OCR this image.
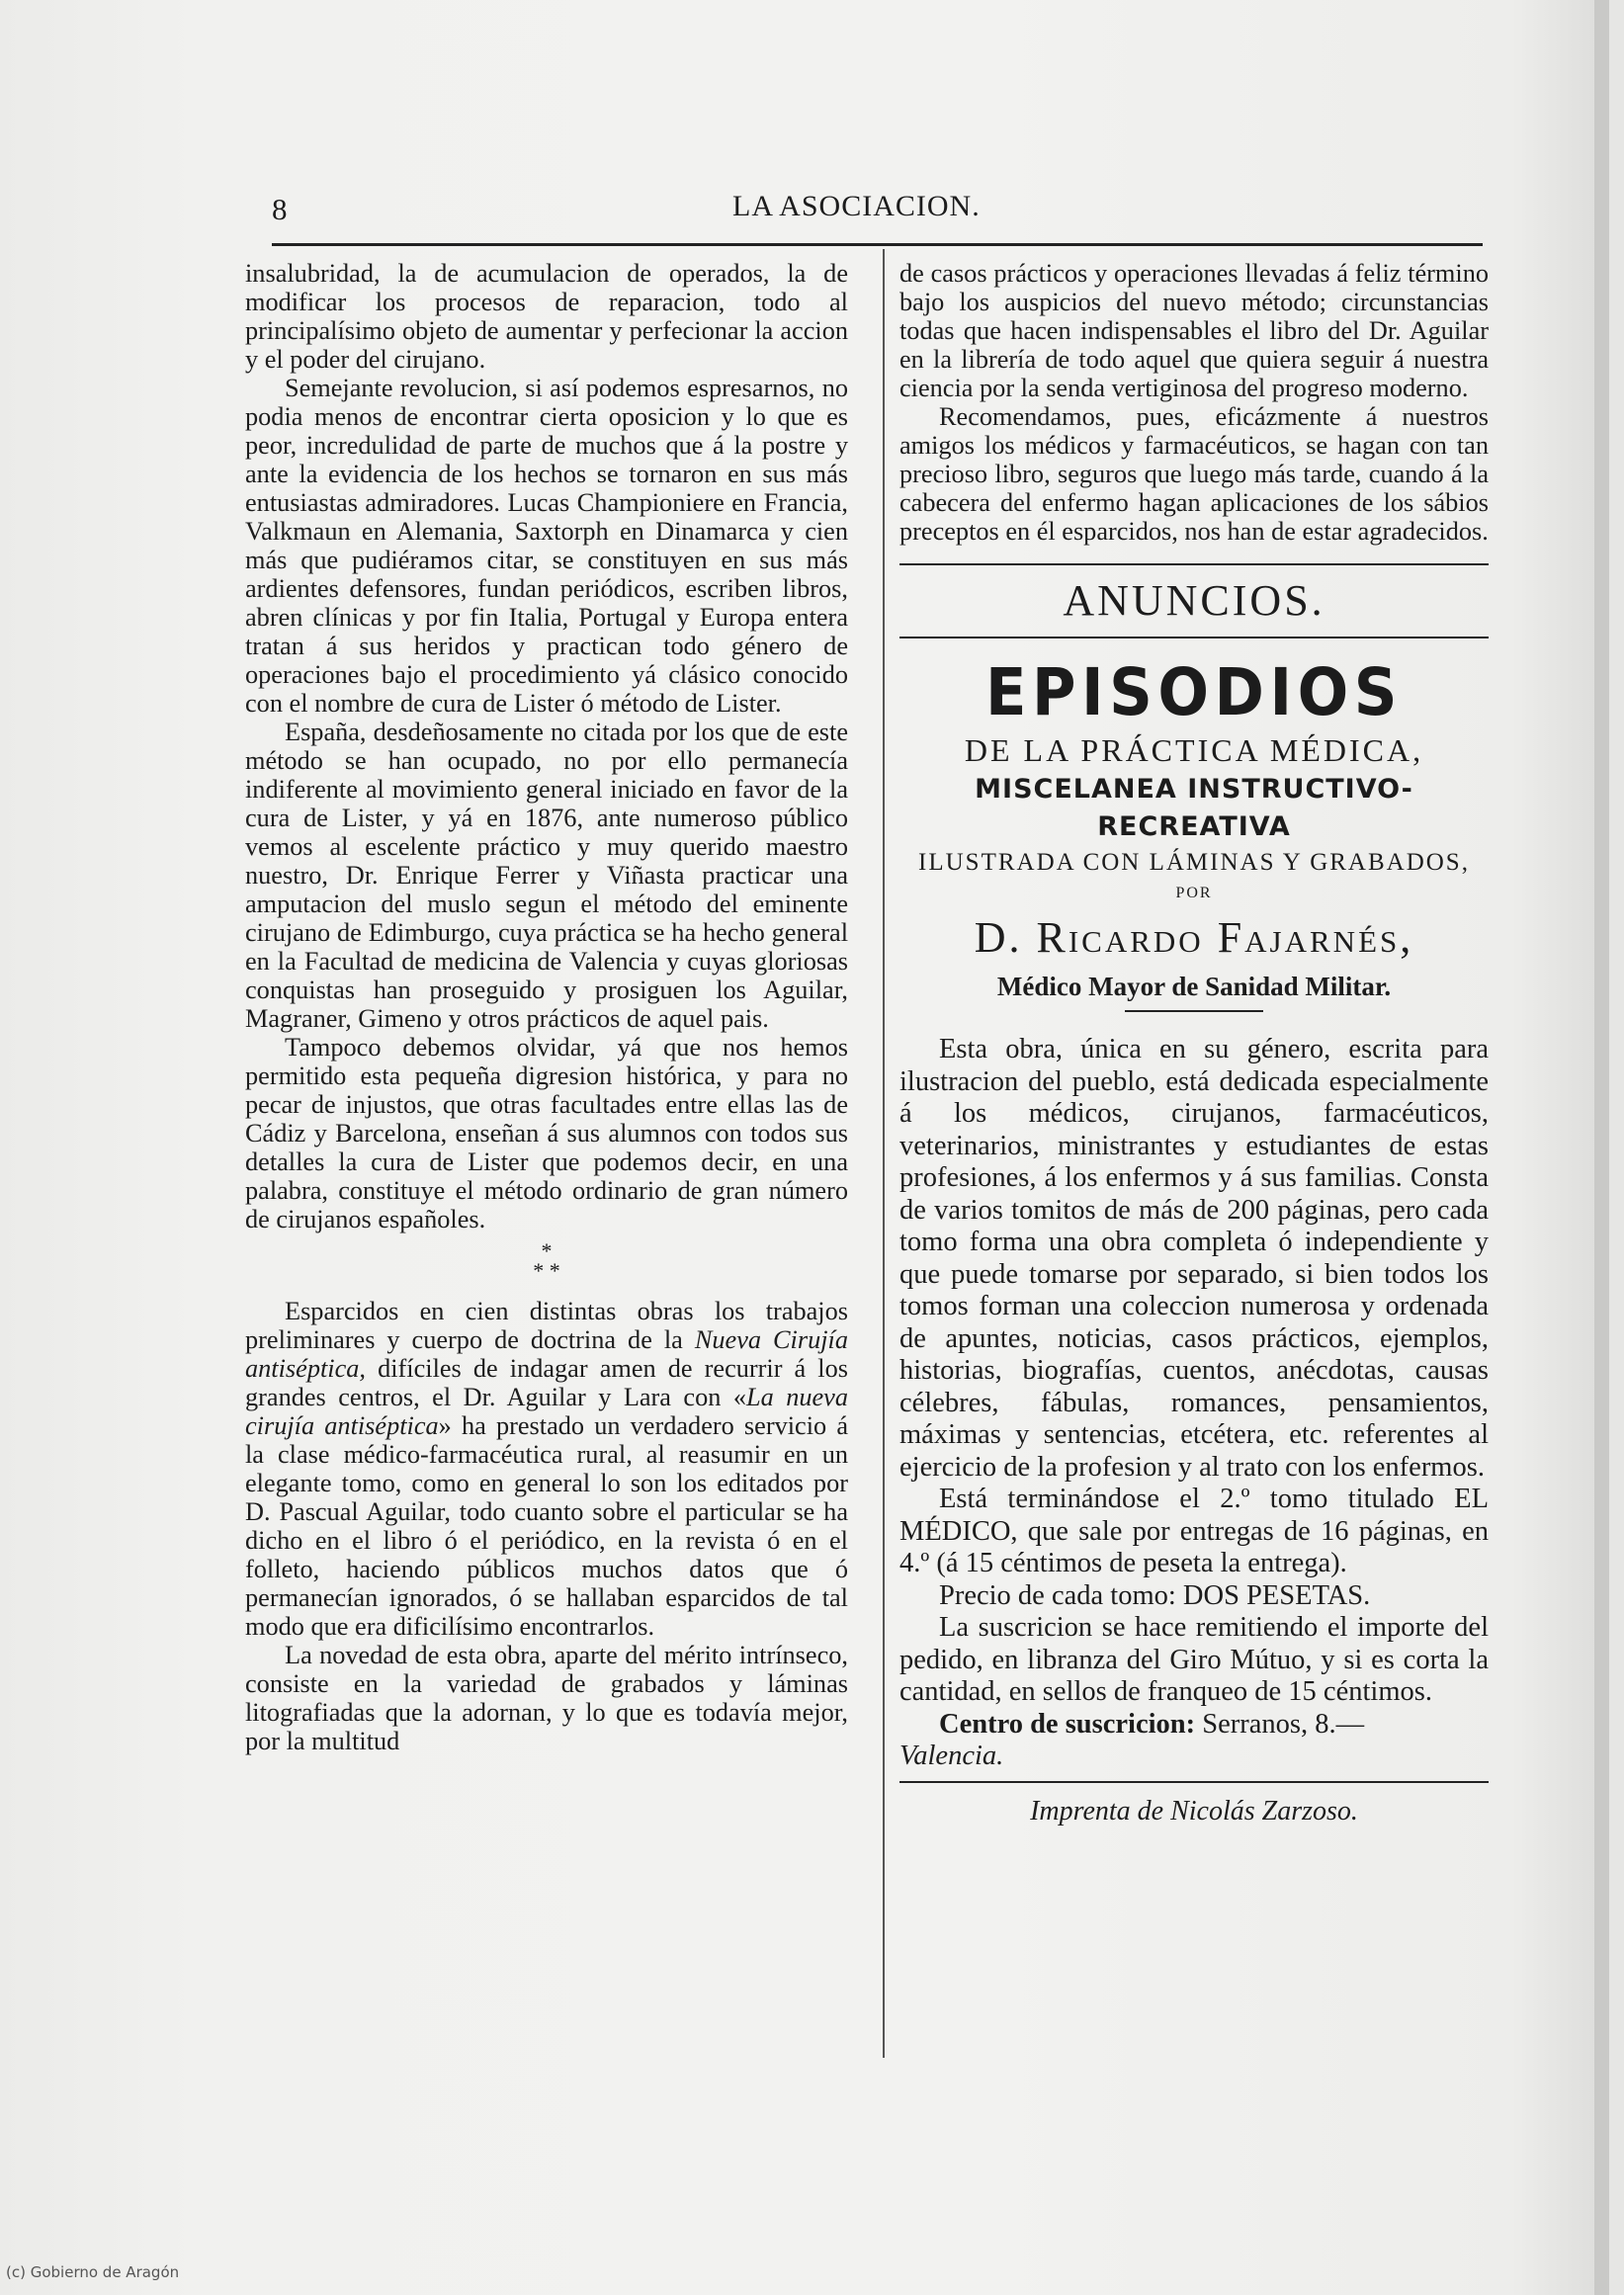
8	LA ASOCIACION.

insalubridad, la de acumulacion de operados, la de modificar los procesos de reparacion, todo al principalísimo objeto de aumentar y perfecionar la accion y el poder del cirujano.

Semejante revolucion, si así podemos espresarnos, no podia menos de encontrar cierta oposicion y lo que es peor, incredulidad de parte de muchos que á la postre y ante la evidencia de los hechos se tornaron en sus más entusiastas admiradores. Lucas Championiere en Francia, Valkmaun en Alemania, Saxtorph en Dinamarca y cien más que pudiéramos citar, se constituyen en sus más ardientes defensores, fundan periódicos, escriben libros, abren clínicas y por fin Italia, Portugal y Europa entera tratan á sus heridos y practican todo género de operaciones bajo el procedimiento yá clásico conocido con el nombre de cura de Lister ó método de Lister.

España, desdeñosamente no citada por los que de este método se han ocupado, no por ello permanecía indiferente al movimiento general iniciado en favor de la cura de Lister, y yá en 1876, ante numeroso público vemos al escelente práctico y muy querido maestro nuestro, Dr. Enrique Ferrer y Viñasta practicar una amputacion del muslo segun el método del eminente cirujano de Edimburgo, cuya práctica se ha hecho general en la Facultad de medicina de Valencia y cuyas gloriosas conquistas han proseguido y prosiguen los Aguilar, Magraner, Gimeno y otros prácticos de aquel pais.

Tampoco debemos olvidar, yá que nos hemos permitido esta pequeña digresion histórica, y para no pecar de injustos, que otras facultades entre ellas las de Cádiz y Barcelona, enseñan á sus alumnos con todos sus detalles la cura de Lister que podemos decir, en una palabra, constituye el método ordinario de gran número de cirujanos españoles.

*
* *

Esparcidos en cien distintas obras los trabajos preliminares y cuerpo de doctrina de la Nueva Cirujía antiséptica, difíciles de indagar amen de recurrir á los grandes centros, el Dr. Aguilar y Lara con «La nueva cirujía antiséptica» ha prestado un verdadero servicio á la clase médico-farmacéutica rural, al reasumir en un elegante tomo, como en general lo son los editados por D. Pascual Aguilar, todo cuanto sobre el particular se ha dicho en el libro ó el periódico, en la revista ó en el folleto, haciendo públicos muchos datos que ó permanecían ignorados, ó se hallaban esparcidos de tal modo que era dificilísimo encontrarlos.

La novedad de esta obra, aparte del mérito intrínseco, consiste en la variedad de grabados y láminas litografiadas que la adornan, y lo que es todavía mejor, por la multitud

de casos prácticos y operaciones llevadas á feliz término bajo los auspicios del nuevo método; circunstancias todas que hacen indispensables el libro del Dr. Aguilar en la librería de todo aquel que quiera seguir á nuestra ciencia por la senda vertiginosa del progreso moderno.

Recomendamos, pues, eficázmente á nuestros amigos los médicos y farmacéuticos, se hagan con tan precioso libro, seguros que luego más tarde, cuando á la cabecera del enfermo hagan aplicaciones de los sábios preceptos en él esparcidos, nos han de estar agradecidos.

ANUNCIOS.
EPISODIOS
DE LA PRÁCTICA MÉDICA,
MISCELANEA INSTRUCTIVO-RECREATIVA
ILUSTRADA CON LÁMINAS Y GRABADOS,
POR
D. Ricardo Fajarnés,
Médico Mayor de Sanidad Militar.

Esta obra, única en su género, escrita para ilustracion del pueblo, está dedicada especialmente á los médicos, cirujanos, farmacéuticos, veterinarios, ministrantes y estudiantes de estas profesiones, á los enfermos y á sus familias. Consta de varios tomitos de más de 200 páginas, pero cada tomo forma una obra completa ó independiente y que puede tomarse por separado, si bien todos los tomos forman una coleccion numerosa y ordenada de apuntes, noticias, casos prácticos, ejemplos, historias, biografías, cuentos, anécdotas, causas célebres, fábulas, romances, pensamientos, máximas y sentencias, etcétera, etc. referentes al ejercicio de la profesion y al trato con los enfermos.

Está terminándose el 2.º tomo titulado EL MÉDICO, que sale por entregas de 16 páginas, en 4.º (á 15 céntimos de peseta la entrega).

Precio de cada tomo: DOS PESETAS.

La suscricion se hace remitiendo el importe del pedido, en libranza del Giro Mútuo, y si es corta la cantidad, en sellos de franqueo de 15 céntimos.

Centro de suscricion: Serranos, 8.—

Valencia.

Imprenta de Nicolás Zarzoso.
(c) Gobierno de Aragón
